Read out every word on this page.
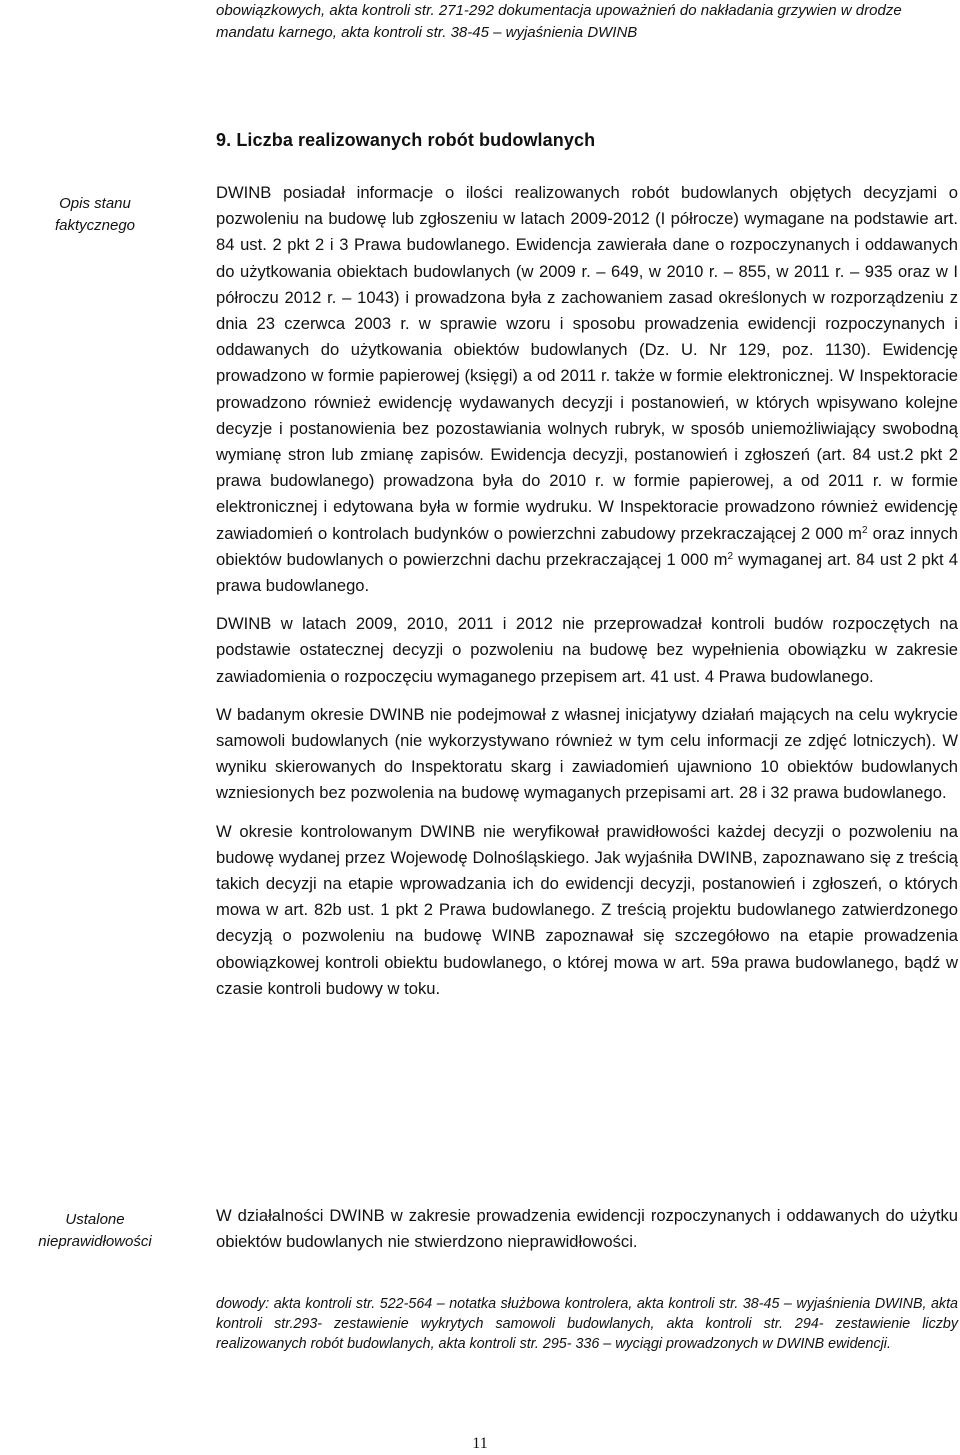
obowiązkowych, akta kontroli str. 271-292 dokumentacja upoważnień do nakładania grzywien w drodze mandatu karnego, akta kontroli str. 38-45 – wyjaśnienia DWINB
9. Liczba realizowanych robót budowlanych
Opis stanu
faktycznego

DWINB posiadał informacje o ilości realizowanych robót budowlanych objętych decyzjami o pozwoleniu na budowę lub zgłoszeniu w latach 2009-2012 (I półrocze) wymagane na podstawie art. 84 ust. 2 pkt 2 i 3 Prawa budowlanego. Ewidencja zawierała dane o rozpoczynanych i oddawanych do użytkowania obiektach budowlanych (w 2009 r. – 649, w 2010 r. – 855, w 2011 r. – 935 oraz w I półroczu 2012 r. – 1043) i prowadzona była z zachowaniem zasad określonych w rozporządzeniu z dnia 23 czerwca 2003 r. w sprawie wzoru i sposobu prowadzenia ewidencji rozpoczynanych i oddawanych do użytkowania obiektów budowlanych (Dz. U. Nr 129, poz. 1130). Ewidencję prowadzono w formie papierowej (księgi) a od 2011 r. także w formie elektronicznej. W Inspektoracie prowadzono również ewidencję wydawanych decyzji i postanowień, w których wpisywano kolejne decyzje i postanowienia bez pozostawiania wolnych rubryk, w sposób uniemożliwiający swobodną wymianę stron lub zmianę zapisów. Ewidencja decyzji, postanowień i zgłoszeń (art. 84 ust.2 pkt 2 prawa budowlanego) prowadzona była do 2010 r. w formie papierowej, a od 2011 r. w formie elektronicznej i edytowana była w formie wydruku. W Inspektoracie prowadzono również ewidencję zawiadomień o kontrolach budynków o powierzchni zabudowy przekraczającej 2 000 $m^2$ oraz innych obiektów budowlanych o powierzchni dachu przekraczającej 1 000 $m^2$ wymaganej art. 84 ust 2 pkt 4 prawa budowlanego.

DWINB w latach 2009, 2010, 2011 i 2012 nie przeprowadzał kontroli budów rozpoczętych na podstawie ostatecznej decyzji o pozwoleniu na budowę bez wypełnienia obowiązku w zakresie zawiadomienia o rozpoczęciu wymaganego przepisem art. 41 ust. 4 Prawa budowlanego.

W badanym okresie DWINB nie podejmował z własnej inicjatywy działań mających na celu wykrycie samowoli budowlanych (nie wykorzystywano również w tym celu informacji ze zdjęć lotniczych). W wyniku skierowanych do Inspektoratu skarg i zawiadomień ujawniono 10 obiektów budowlanych wzniesionych bez pozwolenia na budowę wymaganych przepisami art. 28 i 32 prawa budowlanego.

W okresie kontrolowanym DWINB nie weryfikował prawidłowości każdej decyzji o pozwoleniu na budowę wydanej przez Wojewodę Dolnośląskiego. Jak wyjaśniła DWINB, zapoznawano się z treścią takich decyzji na etapie wprowadzania ich do ewidencji decyzji, postanowień i zgłoszeń, o których mowa w art. 82b ust. 1 pkt 2 Prawa budowlanego. Z treścią projektu budowlanego zatwierdzonego decyzją o pozwoleniu na budowę WINB zapoznawał się szczegółowo na etapie prowadzenia obowiązkowej kontroli obiektu budowlanego, o której mowa w art. 59a prawa budowlanego, bądź w czasie kontroli budowy w toku.

Ustalone
nieprawidłowości
W działalności DWINB w zakresie prowadzenia ewidencji rozpoczynanych i oddawanych do użytku obiektów budowlanych nie stwierdzono nieprawidłowości.
dowody: akta kontroli str. 522-564 – notatka służbowa kontrolera, akta kontroli str. 38-45 – wyjaśnienia DWINB, akta kontroli str.293- zestawienie wykrytych samowoli budowlanych, akta kontroli str. 294- zestawienie liczby realizowanych robót budowlanych, akta kontroli str. 295- 336 – wyciągi prowadzonych w DWINB ewidencji.
11
